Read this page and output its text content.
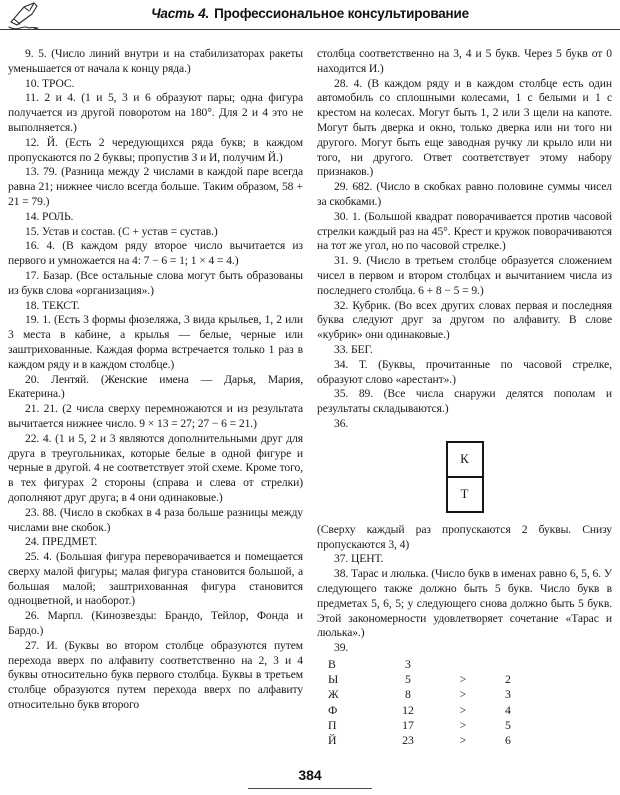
Часть 4. Профессиональное консультирование

9. 5. (Число линий внутри и на стабилизаторах ракеты уменьшается от начала к концу ряда.)

10. ТРОС.

11. 2 и 4. (1 и 5, 3 и 6 образуют пары; одна фигура получается из другой поворотом на 180°. Для 2 и 4 это не выполняется.)

12. Й. (Есть 2 чередующихся ряда букв; в каждом пропускаются по 2 буквы; пропустив З и И, получим Й.)

13. 79. (Разница между 2 числами в каждой паре всегда равна 21; нижнее число всегда больше. Таким образом, 58 + 21 = 79.)

14. РОЛЬ.

15. Устав и состав. (С + устав = сустав.)

16. 4. (В каждом ряду второе число вычитается из первого и умножается на 4: 7 − 6 = 1; 1 × 4 = 4.)

17. Базар. (Все остальные слова могут быть образованы из букв слова «организация».)

18. ТЕКСТ.

19. 1. (Есть 3 формы фюзеляжа, 3 вида крыльев, 1, 2 или 3 места в кабине, а крылья — белые, черные или заштрихованные. Каждая форма встречается только 1 раз в каждом ряду и в каждом столбце.)

20. Лентяй. (Женские имена — Дарья, Мария, Екатерина.)

21. 21. (2 числа сверху перемножаются и из результата вычитается нижнее число. 9 × 13 = 27; 27 − 6 = 21.)

22. 4. (1 и 5, 2 и 3 являются дополнительными друг для друга в треугольниках, которые белые в одной фигуре и черные в другой. 4 не соответствует этой схеме. Кроме того, в тех фигурах 2 стороны (справа и слева от стрелки) дополняют друг друга; в 4 они одинаковые.)

23. 88. (Число в скобках в 4 раза больше разницы между числами вне скобок.)

24. ПРЕДМЕТ.

25. 4. (Большая фигура переворачивается и помещается сверху малой фигуры; малая фигура становится большой, а большая малой; заштрихованная фигура становится одноцветной, и наоборот.)

26. Марпл. (Кинозвезды: Брандо, Тейлор, Фонда и Бардо.)

27. И. (Буквы во втором столбце образуются путем перехода вверх по алфавиту соответственно на 2, 3 и 4 буквы относительно букв первого столбца. Буквы в третьем столбце образуются путем перехода вверх по алфавиту относительно букв второго

столбца соответственно на 3, 4 и 5 букв. Через 5 букв от 0 находится И.)

28. 4. (В каждом ряду и в каждом столбце есть один автомобиль со сплошными колесами, 1 с белыми и 1 с крестом на колесах. Могут быть 1, 2 или 3 щели на капоте. Могут быть дверка и окно, только дверка или ни того ни другого. Могут быть еще заводная ручку ли крыло или ни того, ни другого. Ответ соответствует этому набору признаков.)

29. 682. (Число в скобках равно половине суммы чисел за скобками.)

30. 1. (Большой квадрат поворачивается против часовой стрелки каждый раз на 45°. Крест и кружок поворачиваются на тот же угол, но по часовой стрелке.)

31. 9. (Число в третьем столбце образуется сложением чисел в первом и втором столбцах и вычитанием числа из последнего столбца. 6 + 8 − 5 = 9.)

32. Кубрик. (Во всех других словах первая и последняя буква следуют друг за другом по алфавиту. В слове «кубрик» они одинаковые.)

33. БЕГ.

34. Т. (Буквы, прочитанные по часовой стрелке, образуют слово «арестант».)

35. 89. (Все числа снаружи делятся пополам и результаты складываются.)

36.

К
Т

(Сверху каждый раз пропускаются 2 буквы. Снизу пропускаются 3, 4)

37. ЦЕНТ.

38. Тарас и люлька. (Число букв в именах равно 6, 5, 6. У следующего также должно быть 5 букв. Число букв в предметах 5, 6, 5; у следующего снова должно быть 5 букв. Этой закономерности удовлетворяет сочетание «Тарас и люлька».)

39.

В	3
Ы	5	>	2
Ж	8	>	3
Ф	12	>	4
П	17	>	5
Й	23	>	6
384
